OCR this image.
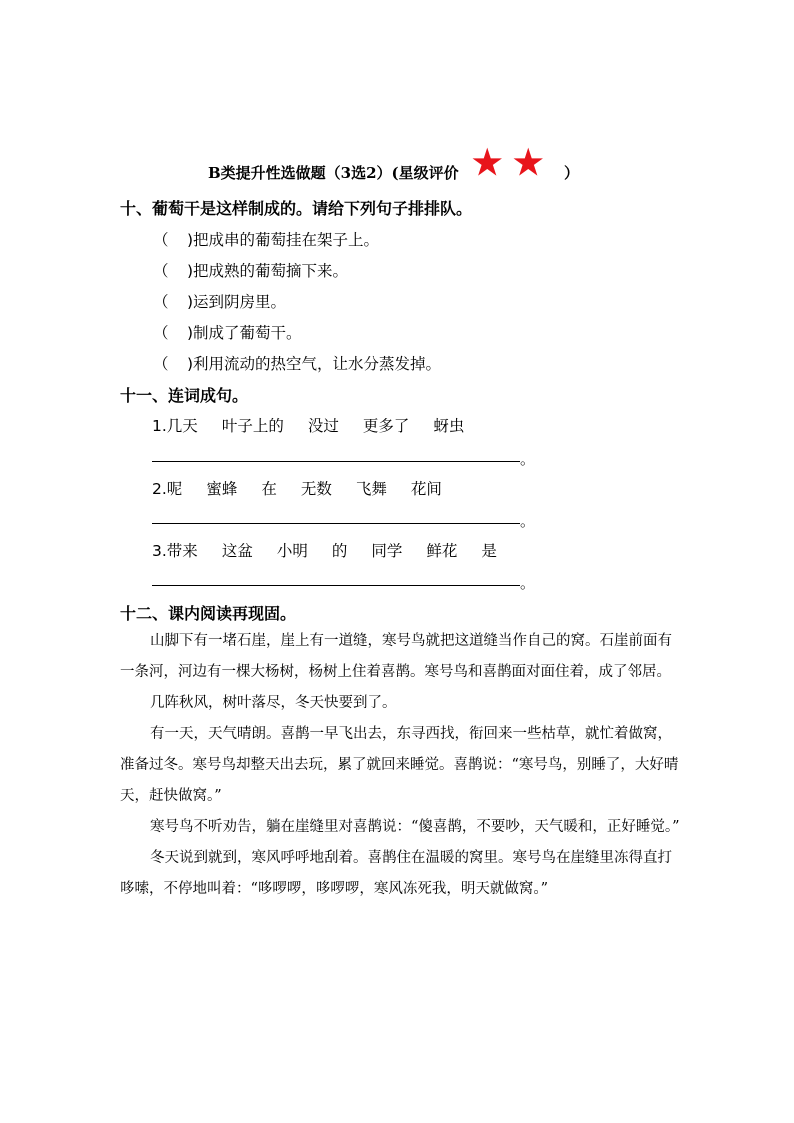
B类提升性选做题（3选2）(星级评价 ★ ★ ）
十、葡萄干是这样制成的。请给下列句子排排队。
（ )把成串的葡萄挂在架子上。
（ )把成熟的葡萄摘下来。
（ )运到阴房里。
（ )制成了葡萄干。
（ )利用流动的热空气，让水分蒸发掉。
十一、连词成句。
1.几天 叶子上的 没过 更多了 蚜虫
。
2.呢 蜜蜂 在 无数 飞舞 花间
。
3.带来 这盆 小明 的 同学 鲜花 是
。
十二、课内阅读再现固。
山脚下有一堵石崖，崖上有一道缝，寒号鸟就把这道缝当作自己的窝。石崖前面有一条河，河边有一棵大杨树，杨树上住着喜鹊。寒号鸟和喜鹊面对面住着，成了邻居。
几阵秋风，树叶落尽，冬天快要到了。
有一天，天气晴朗。喜鹊一早飞出去，东寻西找，衔回来一些枯草，就忙着做窝，准备过冬。寒号鸟却整天出去玩，累了就回来睡觉。喜鹊说：“寒号鸟，别睡了，大好晴天，赶快做窝。”
寒号鸟不听劝告，躺在崖缝里对喜鹊说：“傻喜鹊，不要吵，天气暖和，正好睡觉。”
冬天说到就到，寒风呼呼地刮着。喜鹊住在温暖的窝里。寒号鸟在崖缝里冻得直打哆嗦，不停地叫着：“哆啰啰，哆啰啰，寒风冻死我，明天就做窝。”
